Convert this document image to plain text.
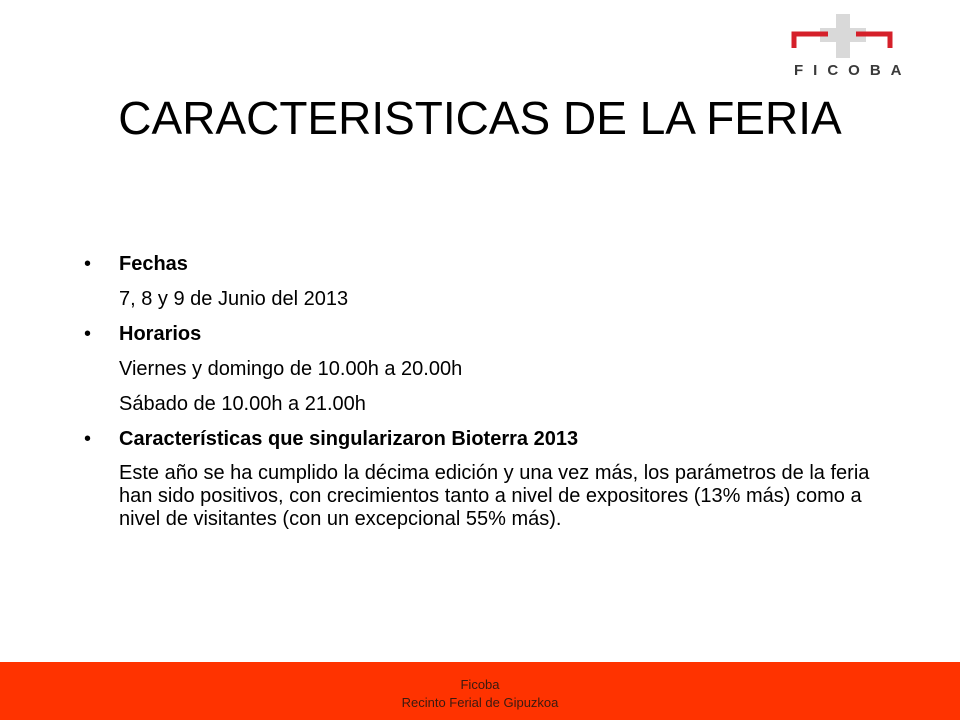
FICOBA
CARACTERISTICAS DE LA FERIA
•	Fechas
7, 8 y 9 de Junio del 2013
•	Horarios
Viernes y domingo de 10.00h a 20.00h
Sábado de 10.00h a 21.00h
•	Características que singularizaron Bioterra 2013
Este año se ha cumplido la décima edición y una vez más, los parámetros de la feria han sido positivos, con crecimientos tanto a nivel de expositores (13% más) como a nivel de visitantes (con un excepcional 55% más).
Ficoba
Recinto Ferial de Gipuzkoa
